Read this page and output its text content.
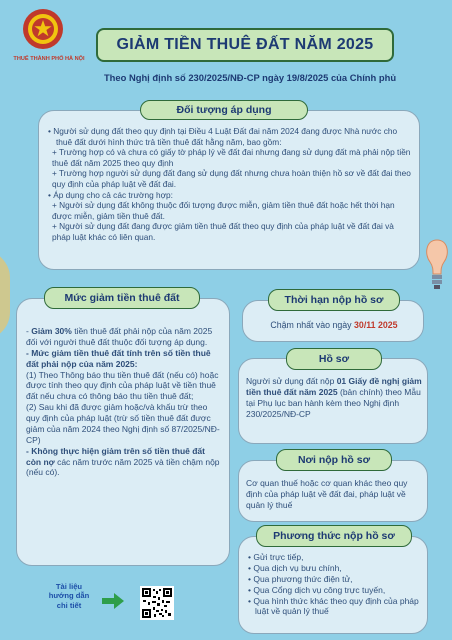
THUẾ THÀNH PHỐ HÀ NỘI
GIẢM TIỀN THUÊ ĐẤT NĂM 2025
Theo Nghị định số 230/2025/NĐ-CP ngày 19/8/2025 của Chính phủ
Đối tượng áp dụng

• Người sử dụng đất theo quy định tại Điều 4 Luật Đất đai năm 2024 đang được Nhà nước cho thuê đất dưới hình thức trả tiền thuê đất hằng năm, bao gồm:

+ Trường hợp có và chưa có giấy tờ pháp lý về đất đai nhưng đang sử dụng đất mà phải nộp tiền thuê đất năm 2025 theo quy định

+ Trường hợp người sử dụng đất đang sử dụng đất nhưng chưa hoàn thiện hồ sơ về đất đai theo quy định của pháp luật về đất đai.

• Áp dụng cho cả các trường hợp:

+ Người sử dụng đất không thuộc đối tượng được miễn, giảm tiền thuê đất hoặc hết thời hạn được miễn, giảm tiền thuê đất.

+ Người sử dụng đất đang được giảm tiền thuê đất theo quy định của pháp luật về đất đai và pháp luật khác có liên quan.

Mức giảm tiền thuê đất

- Giảm 30% tiền thuê đất phải nộp của năm 2025 đối với người thuê đất thuộc đối tượng áp dụng.

- Mức giảm tiền thuê đất tính trên số tiền thuê đất phải nộp của năm 2025:

(1) Theo Thông báo thu tiền thuê đất (nếu có) hoặc được tính theo quy định của pháp luật về tiền thuê đất nếu chưa có thông báo thu tiền thuê đất;

(2) Sau khi đã được giảm hoặc/và khấu trừ theo quy định của pháp luật (trừ số tiền thuê đất được giảm của năm 2024 theo Nghị định số 87/2025/NĐ-CP)

- Không thực hiện giảm trên số tiền thuê đất còn nợ các năm trước năm 2025 và tiền chậm nộp (nếu có).

Thời hạn nộp hồ sơ
Chậm nhất vào ngày 30/11 2025
Hồ sơ
Người sử dụng đất nộp 01 Giấy đề nghị giảm tiền thuê đất năm 2025 (bản chính) theo Mẫu tại Phụ lục ban hành kèm theo Nghị định 230/2025/NĐ-CP
Nơi nộp hồ sơ
Cơ quan thuế hoặc cơ quan khác theo quy định của pháp luật về đất đai, pháp luật về quản lý thuế
Phương thức nộp hồ sơ

• Gửi trực tiếp,

• Qua dịch vụ bưu chính,

• Qua phương thức điện tử,

• Qua Cổng dịch vụ công trực tuyến,

• Qua hình thức khác theo quy định của pháp luật về quản lý thuế

Tài liệu hướng dẫn chi tiết
